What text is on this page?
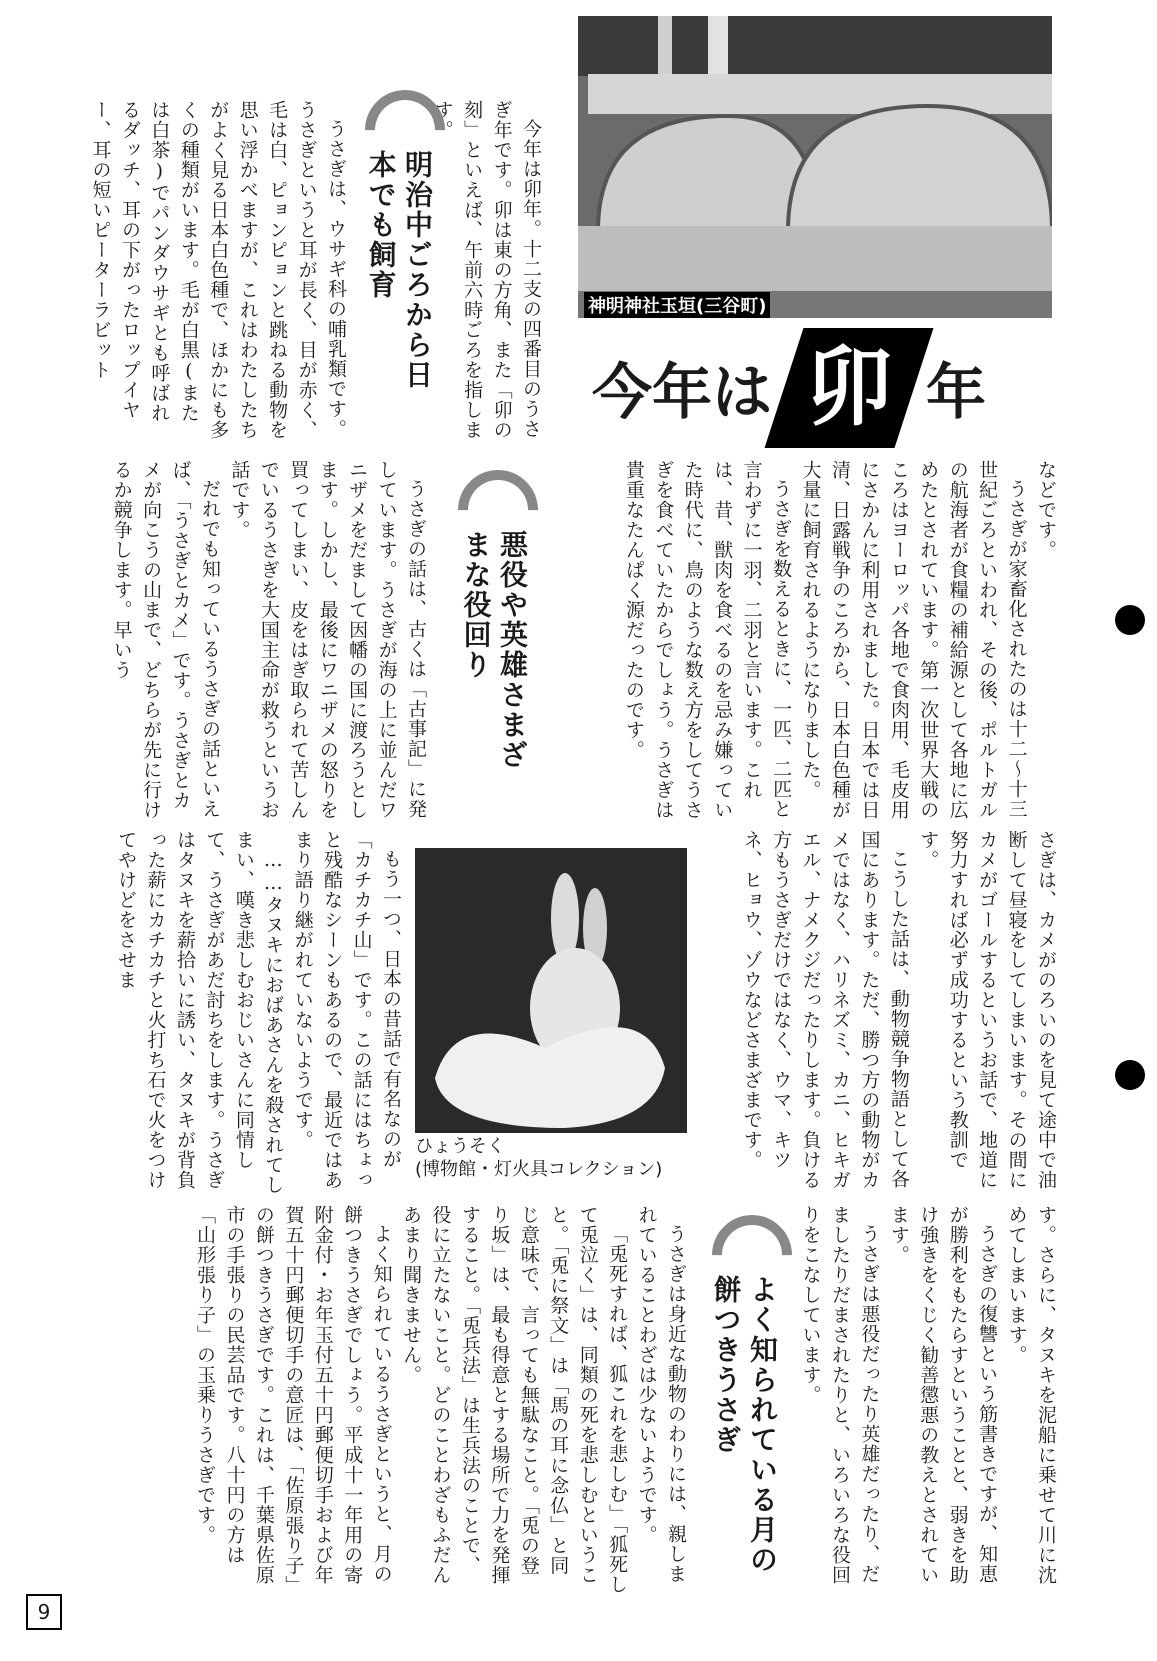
神明神社玉垣(三谷町)
今年は 卯 年

今年は卯年。十二支の四番目のうさぎ年です。卯は東の方角、また「卯の刻」といえば、午前六時ごろを指します。

明治中ごろから日本でも飼育

うさぎは、ウサギ科の哺乳類です。うさぎというと耳が長く、目が赤く、毛は白、ピョンピョンと跳ねる動物を思い浮かべますが、これはわたしたちがよく見る日本白色種で、ほかにも多くの種類がいます。毛が白黒(または白茶)でパンダウサギとも呼ばれるダッチ、耳の下がったロップイヤー、耳の短いピーターラビット

などです。

うさぎが家畜化されたのは十二～十三世紀ごろといわれ、その後、ポルトガルの航海者が食糧の補給源として各地に広めたとされています。第一次世界大戦のころはヨーロッパ各地で食肉用、毛皮用にさかんに利用されました。日本では日清、日露戦争のころから、日本白色種が大量に飼育されるようになりました。

うさぎを数えるときに、一匹、二匹と言わずに一羽、二羽と言います。これは、昔、獣肉を食べるのを忌み嫌っていた時代に、鳥のような数え方をしてうさぎを食べていたからでしょう。うさぎは貴重なたんぱく源だったのです。

悪役や英雄さまざまな役回り

うさぎの話は、古くは「古事記」に発しています。うさぎが海の上に並んだワニザメをだまして因幡の国に渡ろうとします。しかし、最後にワニザメの怒りを買ってしまい、皮をはぎ取られて苦しんでいるうさぎを大国主命が救うというお話です。

だれでも知っているうさぎの話といえば、「うさぎとカメ」です。うさぎとカメが向こうの山まで、どちらが先に行けるか競争します。早いう

さぎは、カメがのろいのを見て途中で油断して昼寝をしてしまいます。その間にカメがゴールするというお話で、地道に努力すれば必ず成功するという教訓です。

こうした話は、動物競争物語として各国にあります。ただ、勝つ方の動物がカメではなく、ハリネズミ、カニ、ヒキガエル、ナメクジだったりします。負ける方もうさぎだけではなく、ウマ、キツネ、ヒョウ、ゾウなどさまざまです。

ひょうそく
(博物館・灯火具コレクション)

もう一つ、日本の昔話で有名なのが「カチカチ山」です。この話にはちょっと残酷なシーンもあるので、最近ではあまり語り継がれていないようです。

……タヌキにおばあさんを殺されてしまい、嘆き悲しむおじいさんに同情して、うさぎがあだ討ちをします。うさぎはタヌキを薪拾いに誘い、タヌキが背負った薪にカチカチと火打ち石で火をつけてやけどをさせま

す。さらに、タヌキを泥船に乗せて川に沈めてしまいます。

うさぎの復讐という筋書きですが、知恵が勝利をもたらすということと、弱きを助け強きをくじく勧善懲悪の教えとされています。

うさぎは悪役だったり英雄だったり、だましたりだまされたりと、いろいろな役回りをこなしています。

よく知られている月の餅つきうさぎ

うさぎは身近な動物のわりには、親しまれていることわざは少ないようです。

「兎死すれば、狐これを悲しむ」「狐死して兎泣く」は、同類の死を悲しむということ。「兎に祭文」は「馬の耳に念仏」と同じ意味で、言っても無駄なこと。「兎の登り坂」は、最も得意とする場所で力を発揮すること。「兎兵法」は生兵法のことで、役に立たないこと。どのことわざもふだんあまり聞きません。

よく知られているうさぎというと、月の餅つきうさぎでしょう。平成十一年用の寄附金付・お年玉付五十円郵便切手および年賀五十円郵便切手の意匠は、「佐原張り子」の餅つきうさぎです。これは、千葉県佐原市の手張りの民芸品です。八十円の方は「山形張り子」の玉乗りうさぎです。

9
